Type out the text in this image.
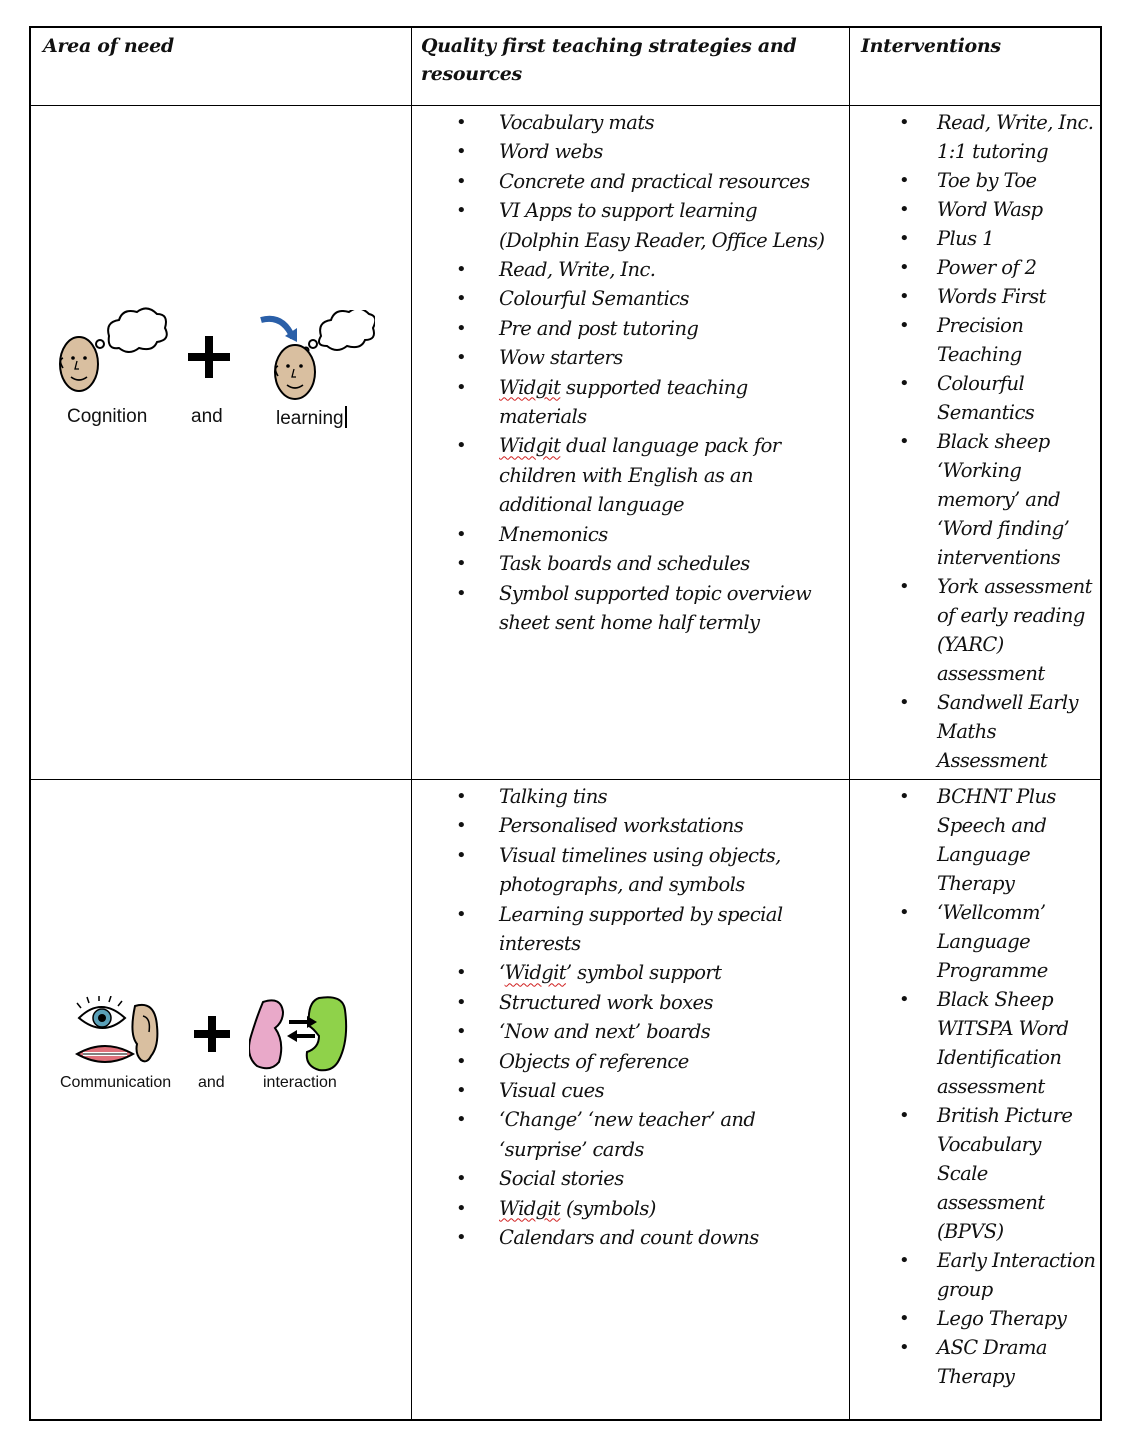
Area of need	Quality first teaching strategies and resources
Interventions
Cognition and	learning
• Vocabulary mats
• Word webs
• Concrete and practical resources
• VI Apps to support learning (Dolphin Easy Reader, Office Lens)
• Read, Write, Inc.
• Colourful Semantics
• Pre and post tutoring
• Wow starters
• Widgit supported teaching materials
• Widgit dual language pack for children with English as an additional language
• Mnemonics
• Task boards and schedules
• Symbol supported topic overview sheet sent home half termly
• Read, Write, Inc. 1:1 tutoring
• Toe by Toe
• Word Wasp
• Plus 1
• Power of 2
• Words First
• Precision Teaching
• Colourful Semantics
• Black sheep ‘Working memory’ and ‘Word finding’ interventions
• York assessment of early reading (YARC) assessment
• Sandwell Early Maths Assessment
Communication and interaction
• Talking tins
• Personalised workstations
• Visual timelines using objects, photographs, and symbols
• Learning supported by special interests
• ‘Widgit’ symbol support
• Structured work boxes
• ‘Now and next’ boards
• Objects of reference
• Visual cues
• ‘Change’ ‘new teacher’ and ‘surprise’ cards
• Social stories
• Widgit (symbols)
• Calendars and count downs
• BCHNT Plus Speech and Language Therapy
• ‘Wellcomm’ Language Programme
• Black Sheep WITSPA Word Identification assessment
• British Picture Vocabulary Scale assessment (BPVS)
• Early Interaction group
• Lego Therapy
• ASC Drama Therapy
